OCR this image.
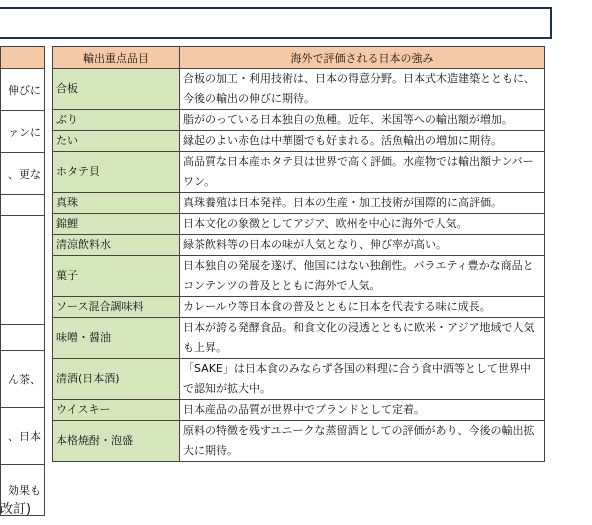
伸びに
ァンに
、更な

ん茶、
、日本
効果も
輸出重点品目	海外で評価される日本の強み
合板	合板の加工・利用技術は、日本の得意分野。日本式木造建築とともに、今後の輸出の伸びに期待。
ぶり	脂がのっている日本独自の魚種。近年、米国等への輸出額が増加。
たい	縁起のよい赤色は中華圏でも好まれる。活魚輸出の増加に期待。
ホタテ貝	高品質な日本産ホタテ貝は世界で高く評価。水産物では輸出額ナンバーワン。
真珠	真珠養殖は日本発祥。日本の生産・加工技術が国際的に高評価。
錦鯉	日本文化の象徴としてアジア、欧州を中心に海外で人気。
清涼飲料水	緑茶飲料等の日本の味が人気となり、伸び率が高い。
菓子	日本独自の発展を遂げ、他国にはない独創性。バラエティ豊かな商品とコンテンツの普及とともに海外で人気。
ソース混合調味料	カレールウ等日本食の普及とともに日本を代表する味に成長。
味噌・醤油	日本が誇る発酵食品。和食文化の浸透とともに欧米・アジア地域で人気も上昇。
清酒(日本酒)	「SAKE」は日本食のみならず各国の料理に合う食中酒等として世界中で認知が拡大中。
ウイスキー	日本産品の品質が世界中でブランドとして定着。
本格焼酎・泡盛	原料の特徴を残すユニークな蒸留酒としての評価があり、今後の輸出拡大に期待。
改訂)
